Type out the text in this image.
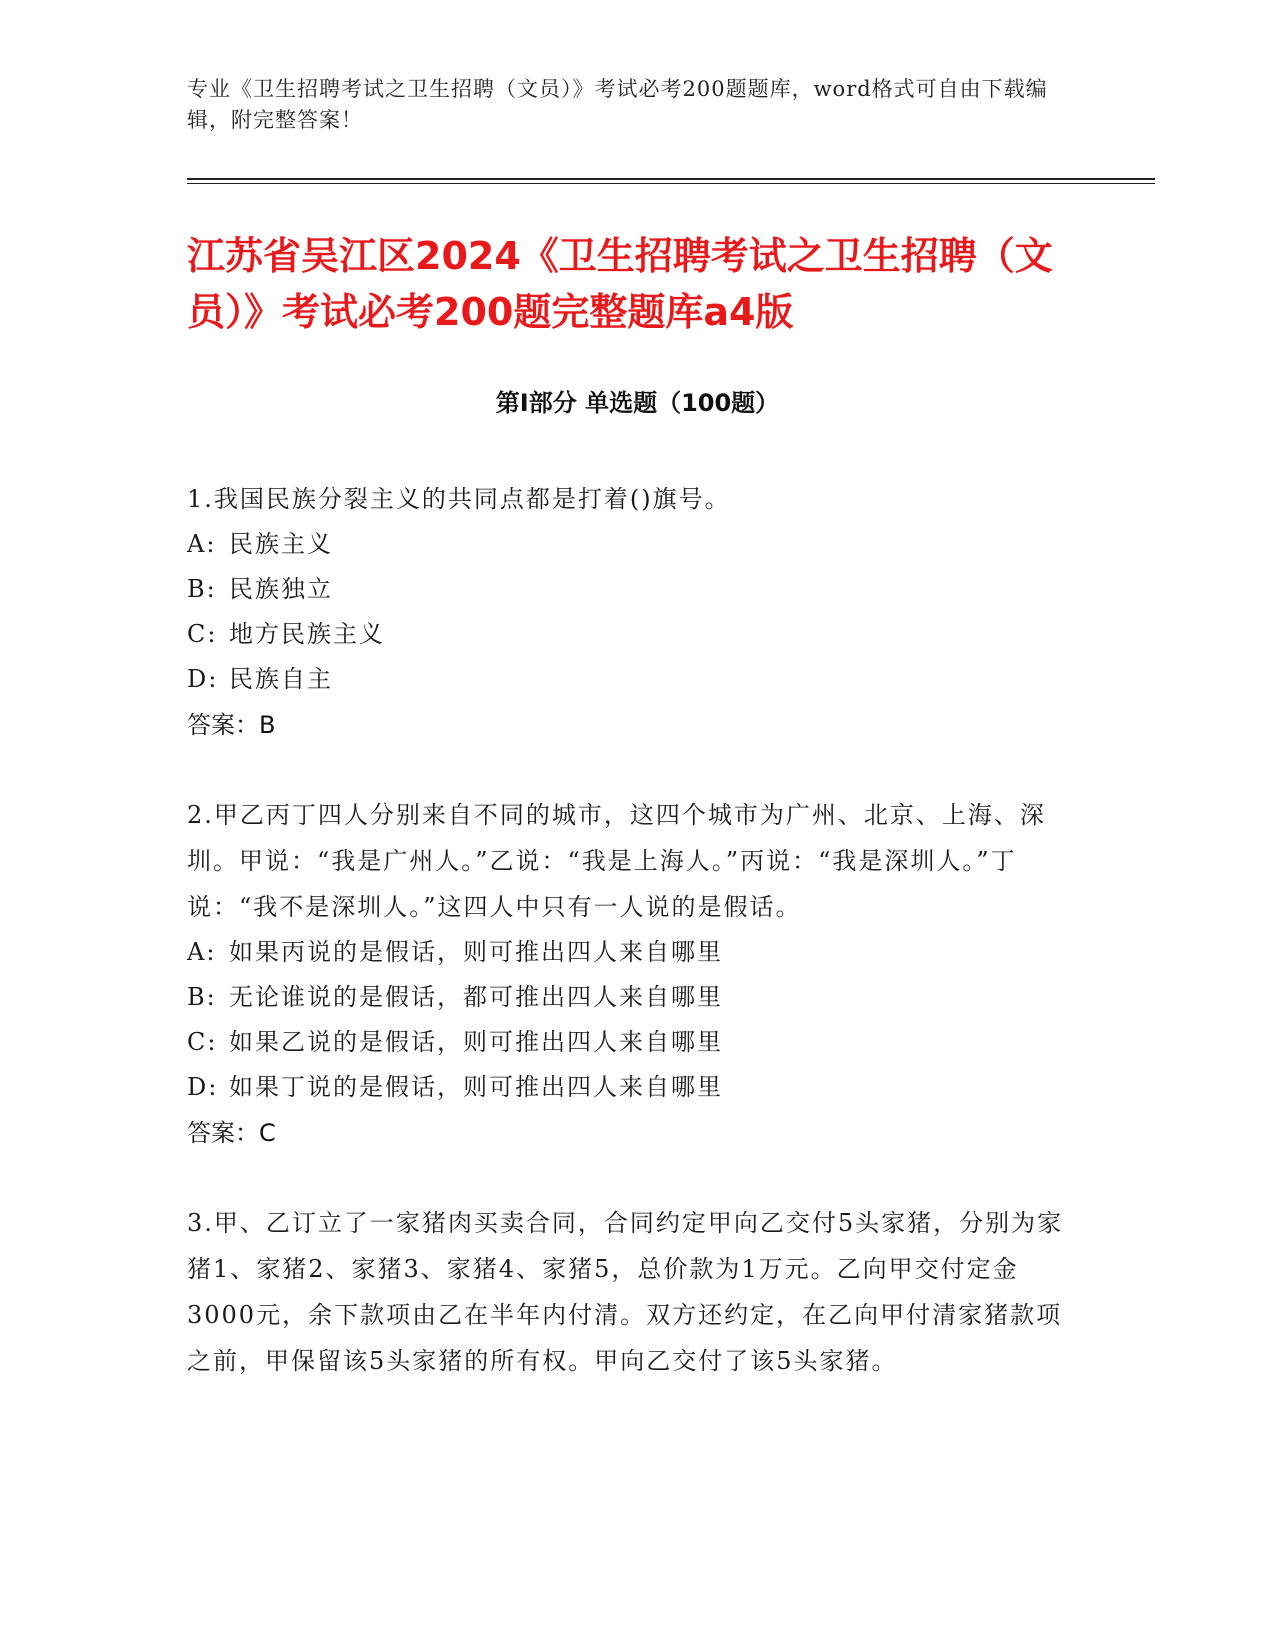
专业《卫生招聘考试之卫生招聘（文员）》考试必考200题题库，word格式可自由下载编辑，附完整答案！
江苏省吴江区2024《卫生招聘考试之卫生招聘（文员）》考试必考200题完整题库a4版
第Ⅰ部分 单选题（100题）

1.我国民族分裂主义的共同点都是打着()旗号。

A: 民族主义

B: 民族独立

C: 地方民族主义

D: 民族自主

答案：B

2.甲乙丙丁四人分别来自不同的城市，这四个城市为广州、北京、上海、深圳。甲说：“我是广州人。”乙说：“我是上海人。”丙说：“我是深圳人。”丁说：“我不是深圳人。”这四人中只有一人说的是假话。

A: 如果丙说的是假话，则可推出四人来自哪里

B: 无论谁说的是假话，都可推出四人来自哪里

C: 如果乙说的是假话，则可推出四人来自哪里

D: 如果丁说的是假话，则可推出四人来自哪里

答案：C

3.甲、乙订立了一家猪肉买卖合同，合同约定甲向乙交付5头家猪，分别为家猪1、家猪2、家猪3、家猪4、家猪5，总价款为1万元。乙向甲交付定金3000元，余下款项由乙在半年内付清。双方还约定，在乙向甲付清家猪款项之前，甲保留该5头家猪的所有权。甲向乙交付了该5头家猪。
